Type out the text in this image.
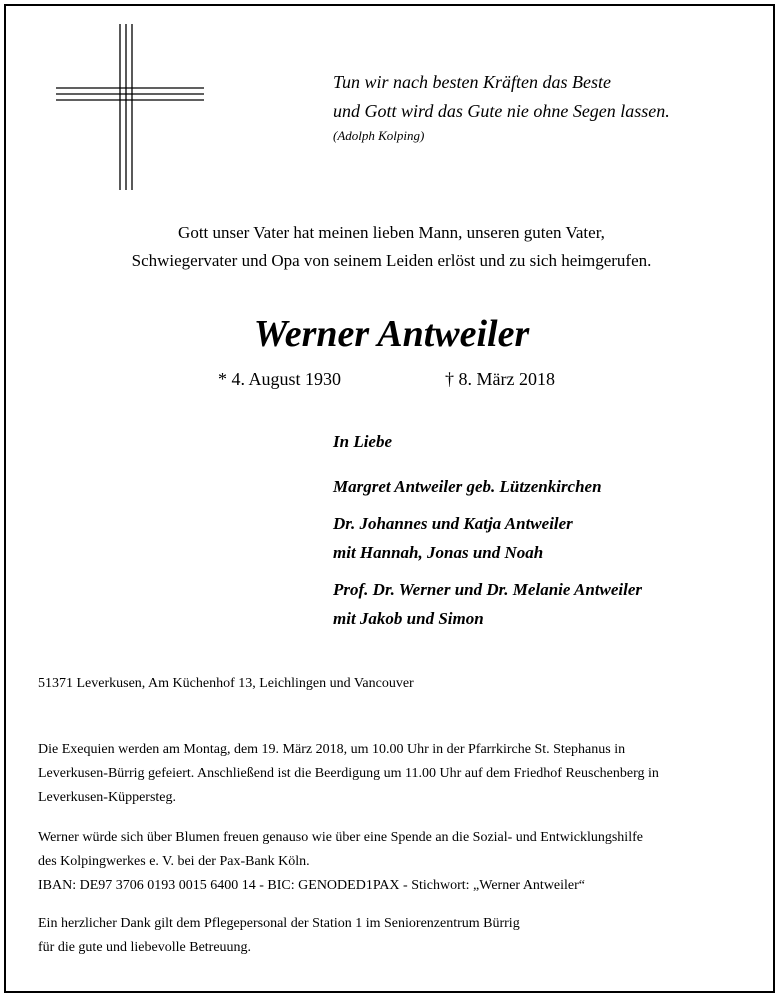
Tun wir nach besten Kräften das Beste
und Gott wird das Gute nie ohne Segen lassen.
(Adolph Kolping)
Gott unser Vater hat meinen lieben Mann, unseren guten Vater,
Schwiegervater und Opa von seinem Leiden erlöst und zu sich heimgerufen.
Werner Antweiler
* 4. August 1930	† 8. März 2018
In Liebe
Margret Antweiler geb. Lützenkirchen
Dr. Johannes und Katja Antweiler
mit Hannah, Jonas und Noah
Prof. Dr. Werner und Dr. Melanie Antweiler
mit Jakob und Simon
51371 Leverkusen, Am Küchenhof 13, Leichlingen und Vancouver
Die Exequien werden am Montag, dem 19. März 2018, um 10.00 Uhr in der Pfarrkirche St. Stephanus in
Leverkusen-Bürrig gefeiert. Anschließend ist die Beerdigung um 11.00 Uhr auf dem Friedhof Reuschenberg in
Leverkusen-Küppersteg.
Werner würde sich über Blumen freuen genauso wie über eine Spende an die Sozial- und Entwicklungshilfe
des Kolpingwerkes e. V. bei der Pax-Bank Köln.
IBAN: DE97 3706 0193 0015 6400 14 - BIC: GENODED1PAX - Stichwort: „Werner Antweiler“
Ein herzlicher Dank gilt dem Pflegepersonal der Station 1 im Seniorenzentrum Bürrig
für die gute und liebevolle Betreuung.
